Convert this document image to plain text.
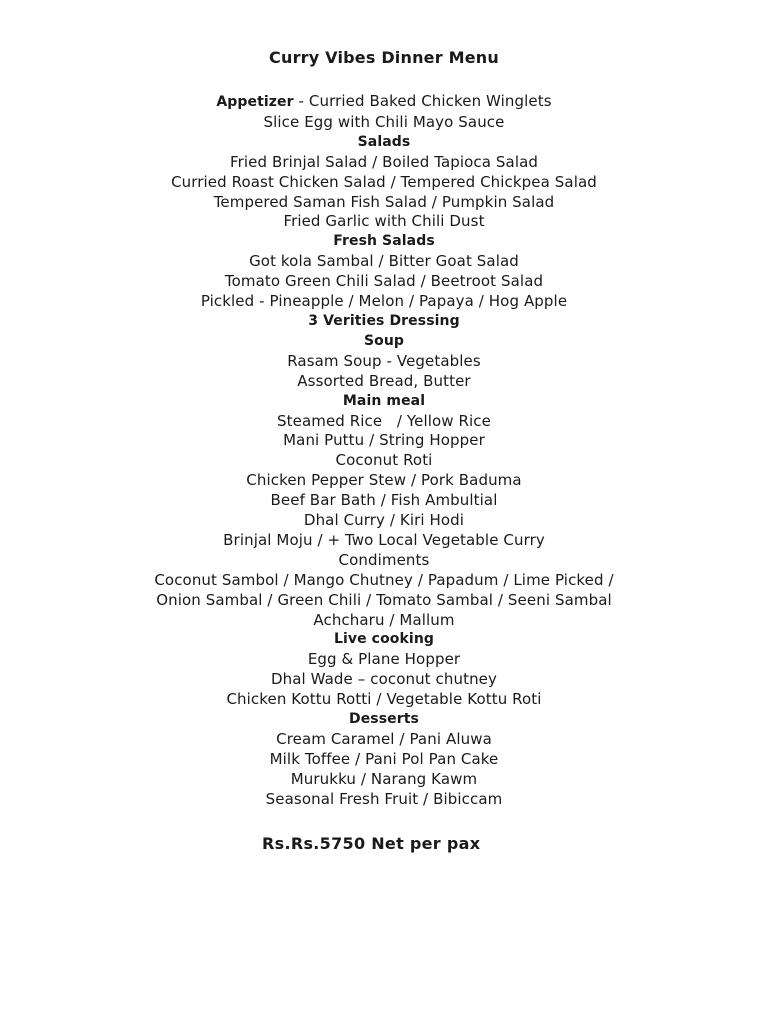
Curry Vibes Dinner Menu
Appetizer - Curried Baked Chicken Winglets
Slice Egg with Chili Mayo Sauce
Salads
Fried Brinjal Salad / Boiled Tapioca Salad
Curried Roast Chicken Salad / Tempered Chickpea Salad
Tempered Saman Fish Salad / Pumpkin Salad
Fried Garlic with Chili Dust
Fresh Salads
Got kola Sambal / Bitter Goat Salad
Tomato Green Chili Salad / Beetroot Salad
Pickled - Pineapple / Melon / Papaya / Hog Apple
3 Verities Dressing
Soup
Rasam Soup - Vegetables
Assorted Bread, Butter
Main meal
Steamed Rice   / Yellow Rice
Mani Puttu / String Hopper
Coconut Roti
Chicken Pepper Stew / Pork Baduma
Beef Bar Bath / Fish Ambultial
Dhal Curry / Kiri Hodi
Brinjal Moju / + Two Local Vegetable Curry
Condiments
Coconut Sambol / Mango Chutney / Papadum / Lime Picked /
Onion Sambal / Green Chili / Tomato Sambal / Seeni Sambal
Achcharu / Mallum
Live cooking
Egg & Plane Hopper
Dhal Wade – coconut chutney
Chicken Kottu Rotti / Vegetable Kottu Roti
Desserts
Cream Caramel / Pani Aluwa
Milk Toffee / Pani Pol Pan Cake
Murukku / Narang Kawm
Seasonal Fresh Fruit / Bibiccam
Rs.Rs.5750 Net per pax
